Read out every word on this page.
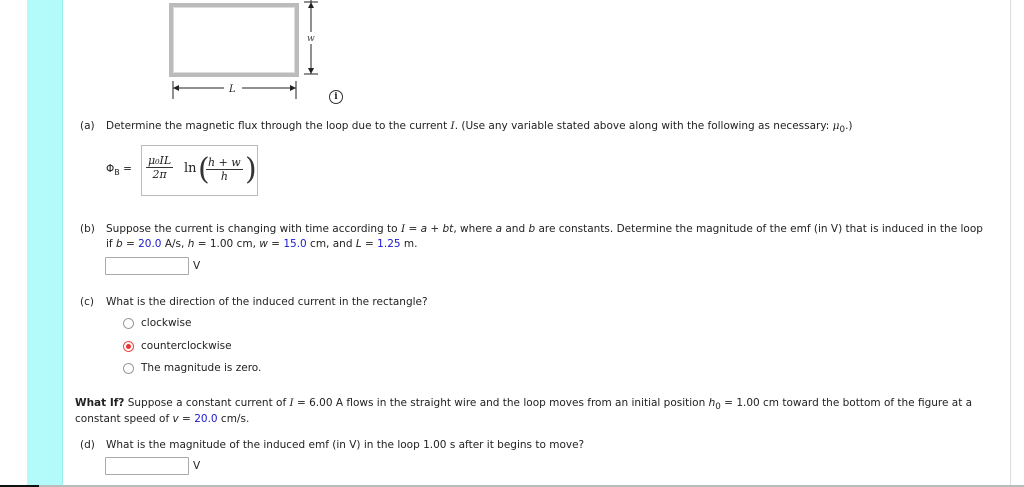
w
L
i
(a) Determine the magnetic flux through the loop due to the current I. (Use any variable stated above along with the following as necessary: $\mu_0$.)
$\Phi_B = \frac{\text{μ₀IL}}{2\pi}$ ln (
$\frac{h + w}{h}$ )
(b) Suppose the current is changing with time according to I = a + bt, where a and b are constants. Determine the magnitude of the emf (in V) that is induced in the loop
if b = 20.0 A/s, h = 1.00 cm, w = 15.0 cm, and L = 1.25 m.
V
(c) What is the direction of the induced current in the rectangle?
clockwise
counterclockwise
The magnitude is zero.
What If? Suppose a constant current of I = 6.00 A flows in the straight wire and the loop moves from an initial position $h_0 = 1.00$ cm toward the bottom of the figure at a
constant speed of v = 20.0 cm/s.
(d) What is the magnitude of the induced emf (in V) in the loop 1.00 s after it begins to move?
V
